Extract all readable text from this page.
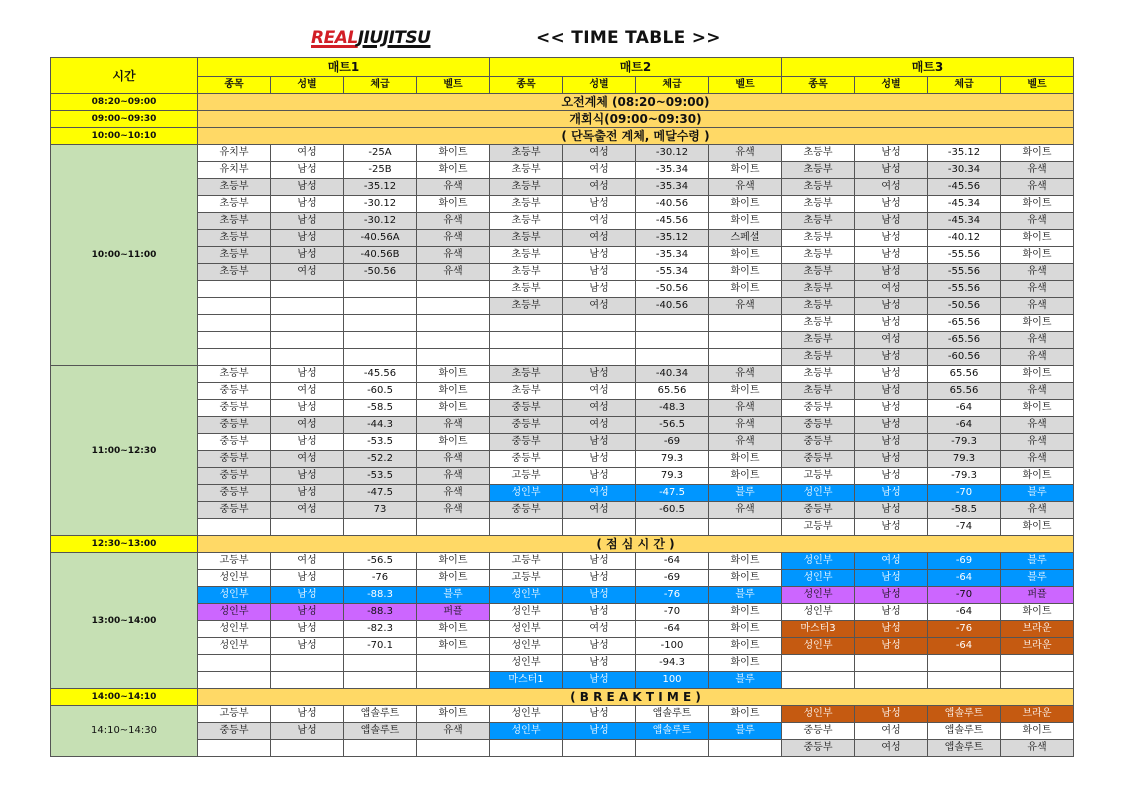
REAL JIUJITSU	<< TIME TABLE >>
시간	매트1				매트2				매트3			
	종목	성별	체급	벨트	종목	성별	체급	벨트	종목	성별	체급	벨트
08:20~09:00	오전계체 (08:20~09:00)											
09:00~09:30	개회식(09:00~09:30)											
10:00~10:10	( 단독출전 계체, 메달수령 )											
10:00~11:00	유치부	여성	-25A	화이트	초등부	여성	-30.12	유색	초등부	남성	-35.12	화이트
	유치부	남성	-25B	화이트	초등부	여성	-35.34	화이트	초등부	남성	-30.34	유색
	초등부	남성	-35.12	유색	초등부	여성	-35.34	유색	초등부	여성	-45.56	유색
	초등부	남성	-30.12	화이트	초등부	남성	-40.56	화이트	초등부	남성	-45.34	화이트
	초등부	남성	-30.12	유색	초등부	여성	-45.56	화이트	초등부	남성	-45.34	유색
	초등부	남성	-40.56A	유색	초등부	여성	-35.12	스페셜	초등부	남성	-40.12	화이트
	초등부	남성	-40.56B	유색	초등부	남성	-35.34	화이트	초등부	남성	-55.56	화이트
	초등부	여성	-50.56	유색	초등부	남성	-55.34	화이트	초등부	남성	-55.56	유색
					초등부	남성	-50.56	화이트	초등부	여성	-55.56	유색
					초등부	여성	-40.56	유색	초등부	남성	-50.56	유색
									초등부	남성	-65.56	화이트
									초등부	여성	-65.56	유색
									초등부	남성	-60.56	유색
11:00~12:30	초등부	남성	-45.56	화이트	초등부	남성	-40.34	유색	초등부	남성	65.56	화이트
	중등부	여성	-60.5	화이트	초등부	여성	65.56	화이트	초등부	남성	65.56	유색
	중등부	남성	-58.5	화이트	중등부	여성	-48.3	유색	중등부	남성	-64	화이트
	중등부	여성	-44.3	유색	중등부	여성	-56.5	유색	중등부	남성	-64	유색
	중등부	남성	-53.5	화이트	중등부	남성	-69	유색	중등부	남성	-79.3	유색
	중등부	여성	-52.2	유색	중등부	남성	79.3	화이트	중등부	남성	79.3	유색
	중등부	남성	-53.5	유색	고등부	남성	79.3	화이트	고등부	남성	-79.3	화이트
	중등부	남성	-47.5	유색	성인부	여성	-47.5	블루	성인부	남성	-70	블루
	중등부	여성	73	유색	중등부	여성	-60.5	유색	중등부	남성	-58.5	유색
									고등부	남성	-74	화이트
12:30~13:00	( 점 심 시 간 )											
13:00~14:00	고등부	여성	-56.5	화이트	고등부	남성	-64	화이트	성인부	여성	-69	블루
	성인부	남성	-76	화이트	고등부	남성	-69	화이트	성인부	남성	-64	블루
	성인부	남성	-88.3	블루	성인부	남성	-76	블루	성인부	남성	-70	퍼플
	성인부	남성	-88.3	퍼플	성인부	남성	-70	화이트	성인부	남성	-64	화이트
	성인부	남성	-82.3	화이트	성인부	여성	-64	화이트	마스터3	남성	-76	브라운
	성인부	남성	-70.1	화이트	성인부	남성	-100	화이트	성인부	남성	-64	브라운
					성인부	남성	-94.3	화이트				
					마스터1	남성	100	블루				
14:00~14:10	( B R E A K T I M E )											
14:10~14:30	고등부	남성	앱솔루트	화이트	성인부	남성	앱솔루트	화이트	성인부	남성	앱솔루트	브라운
	중등부	남성	앱솔루트	유색	성인부	남성	앱솔루트	블루	중등부	여성	앱솔루트	화이트
									중등부	여성	앱솔루트	유색
